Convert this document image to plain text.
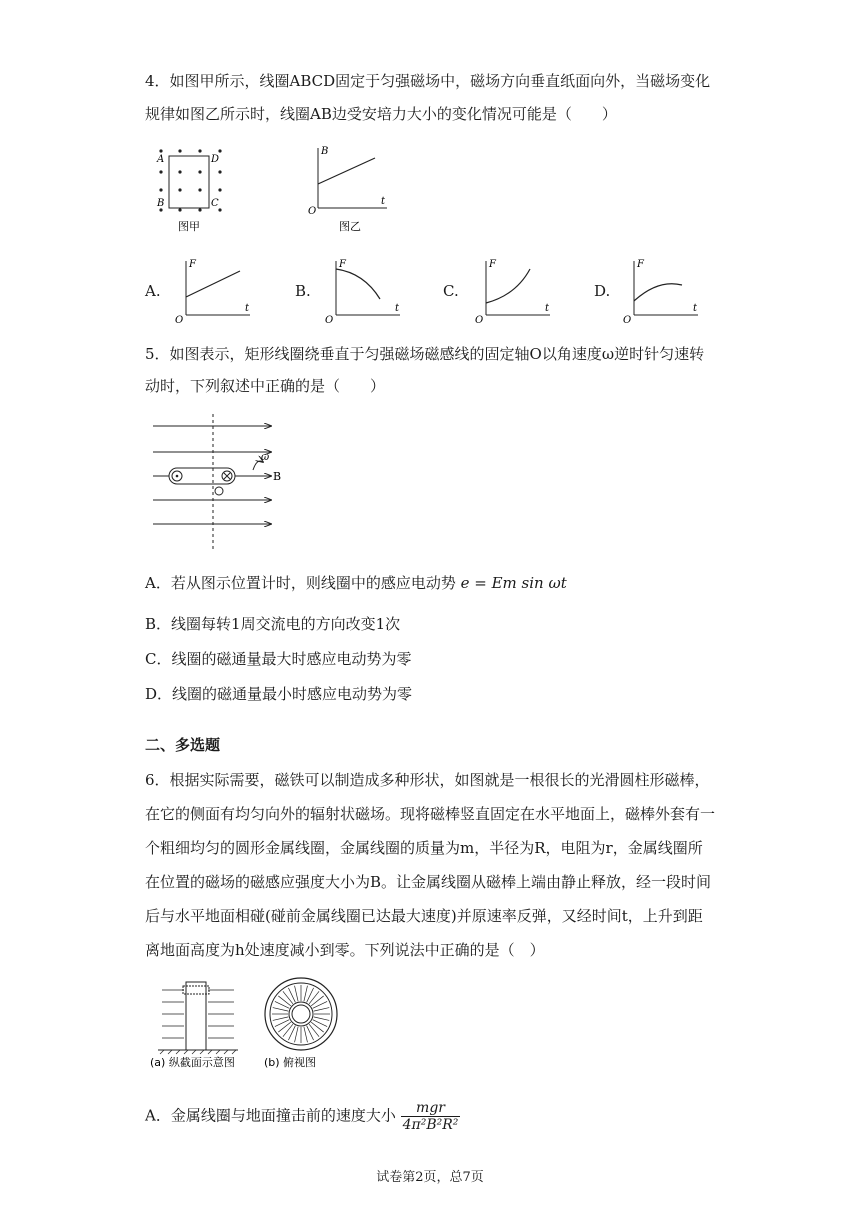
4．如图甲所示，线圈ABCD固定于匀强磁场中，磁场方向垂直纸面向外，当磁场变化
规律如图乙所示时，线圈AB边受安培力大小的变化情况可能是（　　）
A	D
B	C
图甲
B
t
O
图乙
A.
F
t
O
B.
F
t
O
C.
F
t
O
D.
F
t
O
5．如图表示，矩形线圈绕垂直于匀强磁场磁感线的固定轴O以角速度ω逆时针匀速转
动时，下列叙述中正确的是（　　）
ω
B
A．若从图示位置计时，则线圈中的感应电动势 e = Em sin ωt
B．线圈每转1周交流电的方向改变1次
C．线圈的磁通量最大时感应电动势为零
D．线圈的磁通量最小时感应电动势为零
二、多选题
6．根据实际需要，磁铁可以制造成多种形状，如图就是一根很长的光滑圆柱形磁棒，
在它的侧面有均匀向外的辐射状磁场。现将磁棒竖直固定在水平地面上，磁棒外套有一
个粗细均匀的圆形金属线圈，金属线圈的质量为m，半径为R，电阻为r，金属线圈所
在位置的磁场的磁感应强度大小为B。让金属线圈从磁棒上端由静止释放，经一段时间
后与水平地面相碰(碰前金属线圈已达最大速度)并原速率反弹，又经时间t，上升到距
离地面高度为h处速度减小到零。下列说法中正确的是（　）
(a) 纵截面示意图	(b) 俯视图
A．金属线圈与地面撞击前的速度大小 $\frac{\text{mgr}}{\text{4π²B²R²}}$
试卷第2页，总7页
